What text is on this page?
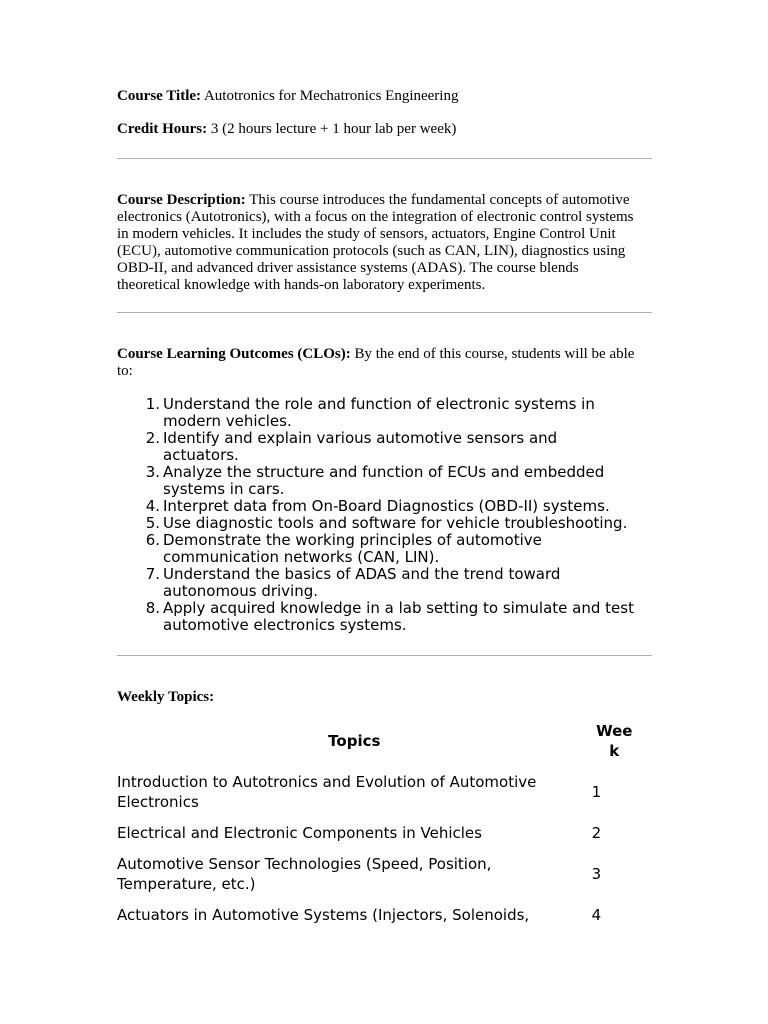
Course Title: Autotronics for Mechatronics Engineering

Credit Hours: 3 (2 hours lecture + 1 hour lab per week)

Course Description: This course introduces the fundamental concepts of automotive
electronics (Autotronics), with a focus on the integration of electronic control systems
in modern vehicles. It includes the study of sensors, actuators, Engine Control Unit
(ECU), automotive communication protocols (such as CAN, LIN), diagnostics using
OBD-II, and advanced driver assistance systems (ADAS). The course blends
theoretical knowledge with hands-on laboratory experiments.
Course Learning Outcomes (CLOs): By the end of this course, students will be able
to:
1. Understand the role and function of electronic systems in
modern vehicles.
2. Identify and explain various automotive sensors and
actuators.
3. Analyze the structure and function of ECUs and embedded
systems in cars.
4. Interpret data from On-Board Diagnostics (OBD-II) systems.
5. Use diagnostic tools and software for vehicle troubleshooting.
6. Demonstrate the working principles of automotive
communication networks (CAN, LIN).
7. Understand the basics of ADAS and the trend toward
autonomous driving.
8. Apply acquired knowledge in a lab setting to simulate and test
automotive electronics systems.

Weekly Topics:

Topics	Wee
k

Introduction to Autotronics and Evolution of Automotive
Electronics	1

Electrical and Electronic Components in Vehicles	2

Automotive Sensor Technologies (Speed, Position,
Temperature, etc.)	3

Actuators in Automotive Systems (Injectors, Solenoids,	4
